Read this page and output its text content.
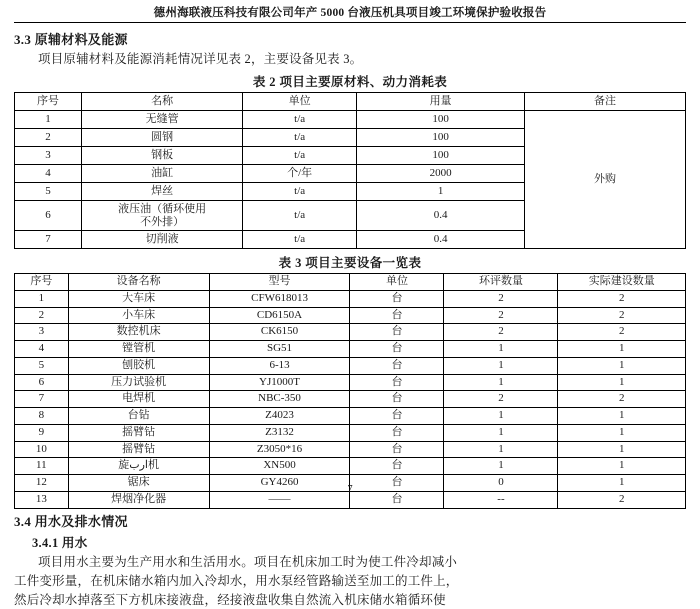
德州海联液压科技有限公司年产 5000 台液压机具项目竣工环境保护验收报告
3.3 原辅材料及能源
项目原辅材料及能源消耗情况详见表 2，主要设备见表 3。
表 2 项目主要原材料、动力消耗表
序号	名称	单位	用量	备注
1	无缝管	t/a	100	外购
2	圆钢	t/a	100	
3	钢板	t/a	100	
4	油缸	个/年	2000	
5	焊丝	t/a	1	
6	液压油（循环使用
不外排）	t/a	0.4	
7	切削液	t/a	0.4	
表 3 项目主要设备一览表
序号	设备名称	型号	单位	环评数量	实际建设数量
1	大车床	CFW618013	台	2	2
2	小车床	CD6150A	台	2	2
3	数控机床	CK6150	台	2	2
4	镗管机	SG51	台	1	1
5	刨胶机	6-13	台	1	1
6	压力试验机	YJ1000T	台	1	1
7	电焊机	NBC-350	台	2	2
8	台钻	Z4023	台	1	1
9	摇臂钻	Z3132	台	1	1
10	摇臂钻	Z3050*16	台	1	1
11	旋ارب机	XN500	台	1	1
12	锯床	GY4260	台	0	1
13	焊烟净化器	——	台	--	2
3.4 用水及排水情况
3.4.1 用水
项目用水主要为生产用水和生活用水。项目在机床加工时为使工件冷却减小
工件变形量，在机床储水箱内加入冷却水，用水泵经管路输送至加工的工件上，
然后冷却水掉落至下方机床接液盘，经接液盘收集自然流入机床储水箱循环使
7
